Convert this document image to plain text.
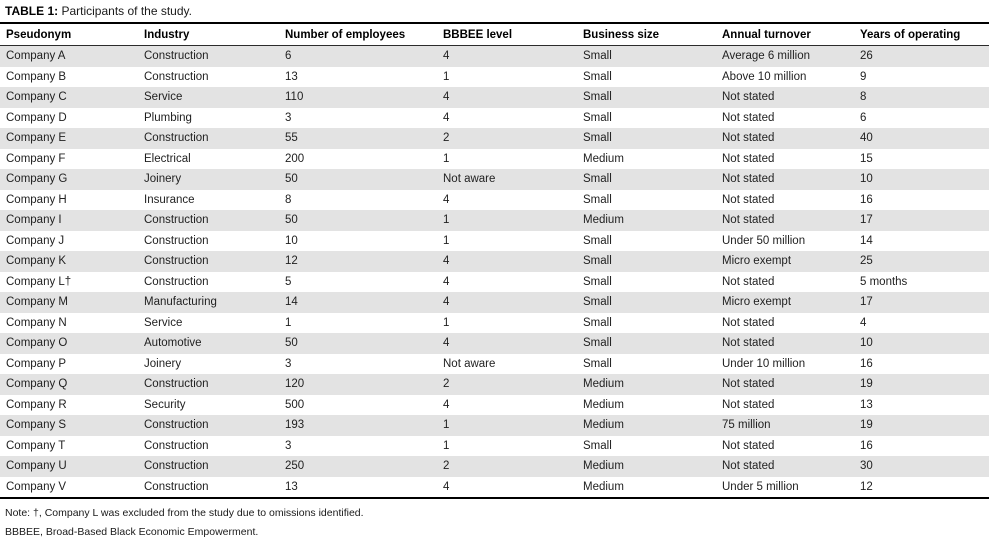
TABLE 1: Participants of the study.
Pseudonym	Industry	Number of employees	BBBEE level	Business size	Annual turnover	Years of operating
Company A	Construction	6	4	Small	Average 6 million	26
Company B	Construction	13	1	Small	Above 10 million	9
Company C	Service	110	4	Small	Not stated	8
Company D	Plumbing	3	4	Small	Not stated	6
Company E	Construction	55	2	Small	Not stated	40
Company F	Electrical	200	1	Medium	Not stated	15
Company G	Joinery	50	Not aware	Small	Not stated	10
Company H	Insurance	8	4	Small	Not stated	16
Company I	Construction	50	1	Medium	Not stated	17
Company J	Construction	10	1	Small	Under 50 million	14
Company K	Construction	12	4	Small	Micro exempt	25
Company L†	Construction	5	4	Small	Not stated	5 months
Company M	Manufacturing	14	4	Small	Micro exempt	17
Company N	Service	1	1	Small	Not stated	4
Company O	Automotive	50	4	Small	Not stated	10
Company P	Joinery	3	Not aware	Small	Under 10 million	16
Company Q	Construction	120	2	Medium	Not stated	19
Company R	Security	500	4	Medium	Not stated	13
Company S	Construction	193	1	Medium	75 million	19
Company T	Construction	3	1	Small	Not stated	16
Company U	Construction	250	2	Medium	Not stated	30
Company V	Construction	13	4	Medium	Under 5 million	12
Note: †, Company L was excluded from the study due to omissions identified.
BBBEE, Broad-Based Black Economic Empowerment.
